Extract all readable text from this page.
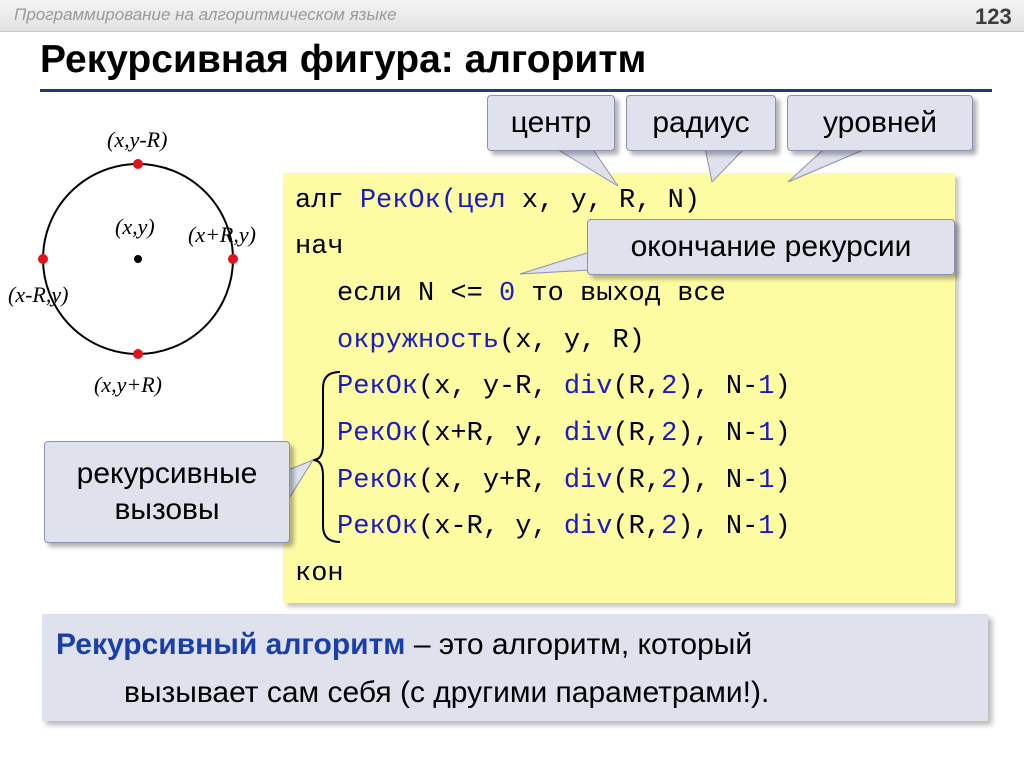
Программирование на алгоритмическом языке	123
Рекурсивная фигура: алгоритм
(x,y-R)
(x,y) (x+R,y)
(x-R,y)
(x,y+R)
алг РекОк(цел x, y, R, N)
нач
если N <= 0 то выход все
окружность(x, y, R)
РекОк(x, y-R, div(R,2), N-1)
РекОк(x+R, y, div(R,2), N-1)
РекОк(x, y+R, div(R,2), N-1)
РекОк(x-R, y, div(R,2), N-1)
кон
центр радиус уровней
окончание рекурсии
рекурсивные
вызовы
Рекурсивный алгоритм – это алгоритм, который
вызывает сам себя (с другими параметрами!).
